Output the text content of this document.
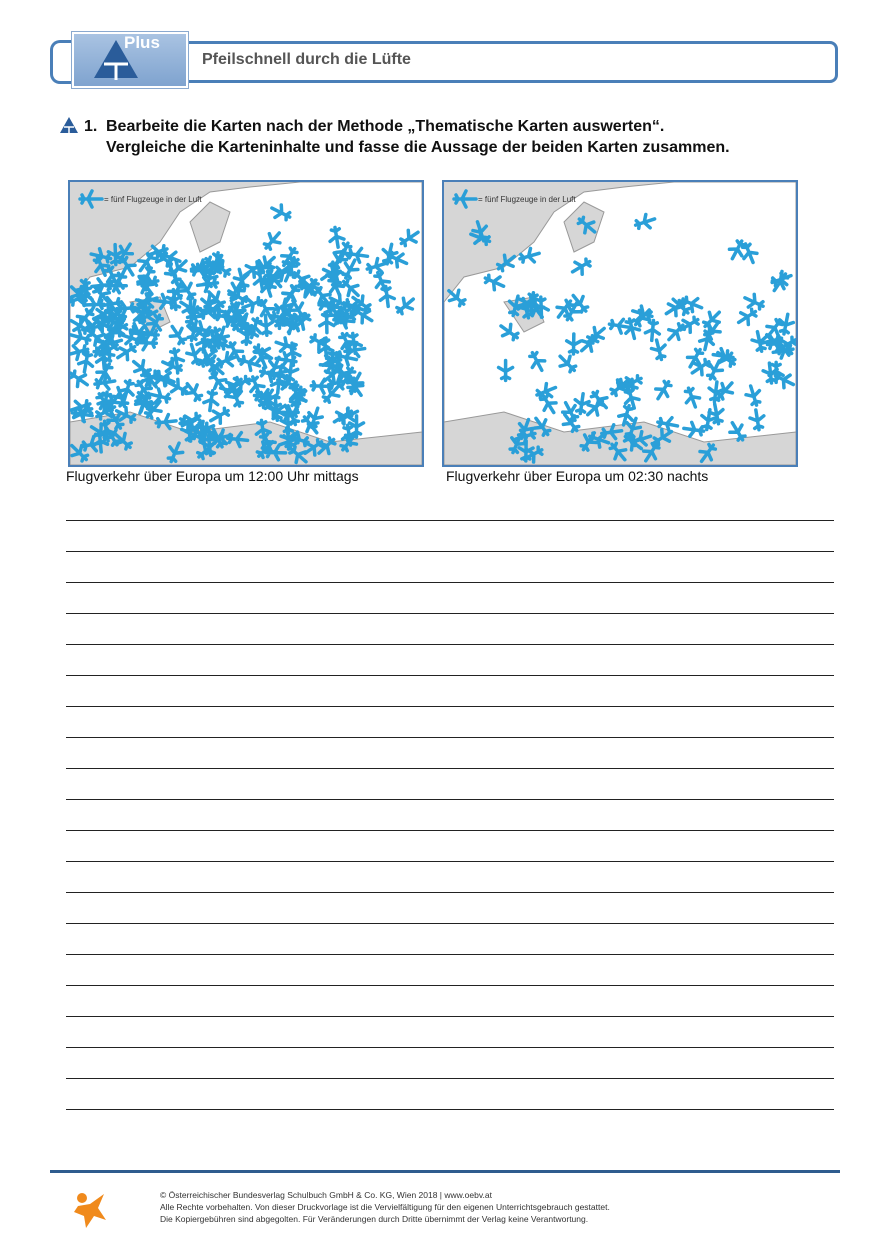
Plus
Pfeilschnell durch die Lüfte
1. Bearbeite die Karten nach der Methode „Thematische Karten auswerten“.
Vergleiche die Karteninhalte und fasse die Aussage der beiden Karten zusammen.
= fünf Flugzeuge in der Luft
Flugverkehr über Europa um 12:00 Uhr mittags
= fünf Flugzeuge in der Luft
Flugverkehr über Europa um 02:30 nachts
© Österreichischer Bundesverlag Schulbuch GmbH & Co. KG, Wien 2018 | www.oebv.at
Alle Rechte vorbehalten. Von dieser Druckvorlage ist die Vervielfältigung für den eigenen Unterrichtsgebrauch gestattet.
Die Kopiergebühren sind abgegolten. Für Veränderungen durch Dritte übernimmt der Verlag keine Verantwortung.
